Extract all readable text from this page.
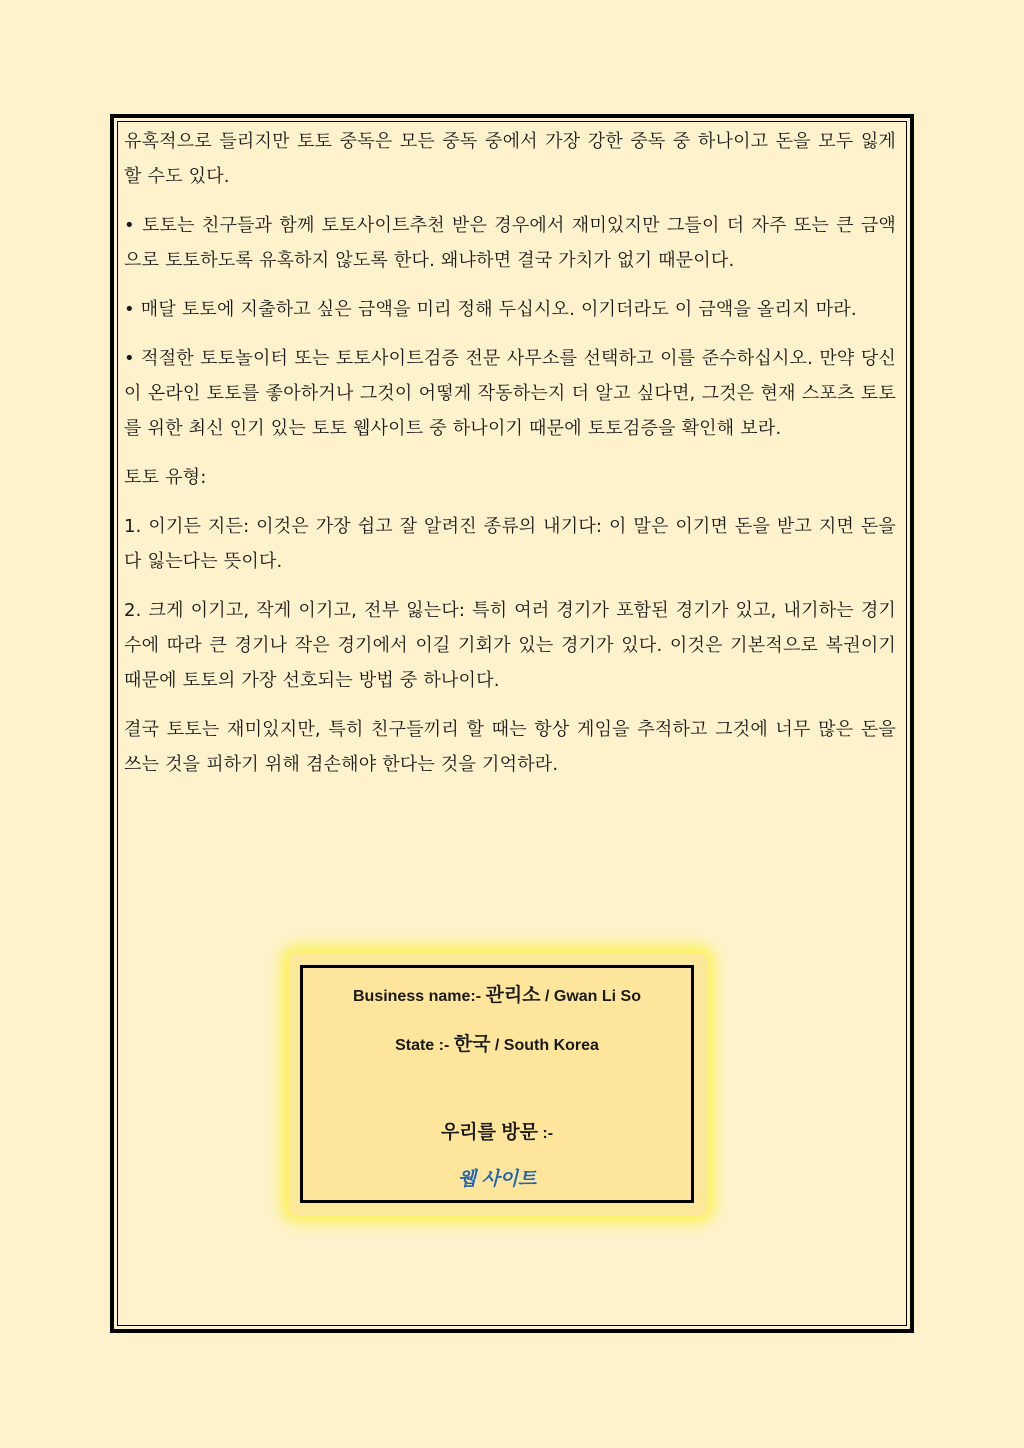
유혹적으로 들리지만 토토 중독은 모든 중독 중에서 가장 강한 중독 중 하나이고 돈을 모두 잃게 할 수도 있다.

• 토토는 친구들과 함께 토토사이트추천 받은 경우에서 재미있지만 그들이 더 자주 또는 큰 금액으로 토토하도록 유혹하지 않도록 한다. 왜냐하면 결국 가치가 없기 때문이다.

• 매달 토토에 지출하고 싶은 금액을 미리 정해 두십시오. 이기더라도 이 금액을 올리지 마라.

• 적절한 토토놀이터 또는 토토사이트검증 전문 사무소를 선택하고 이를 준수하십시오. 만약 당신이 온라인 토토를 좋아하거나 그것이 어떻게 작동하는지 더 알고 싶다면, 그것은 현재 스포츠 토토를 위한 최신 인기 있는 토토 웹사이트 중 하나이기 때문에 토토검증을 확인해 보라.

토토 유형:

1. 이기든 지든: 이것은 가장 쉽고 잘 알려진 종류의 내기다: 이 말은 이기면 돈을 받고 지면 돈을 다 잃는다는 뜻이다.

2. 크게 이기고, 작게 이기고, 전부 잃는다: 특히 여러 경기가 포함된 경기가 있고, 내기하는 경기 수에 따라 큰 경기나 작은 경기에서 이길 기회가 있는 경기가 있다. 이것은 기본적으로 복권이기 때문에 토토의 가장 선호되는 방법 중 하나이다.

결국 토토는 재미있지만, 특히 친구들끼리 할 때는 항상 게임을 추적하고 그것에 너무 많은 돈을 쓰는 것을 피하기 위해 겸손해야 한다는 것을 기억하라.

Business name:- 관리소 / Gwan Li So
State :- 한국 / South Korea
우리를 방문 :-
웹 사이트
